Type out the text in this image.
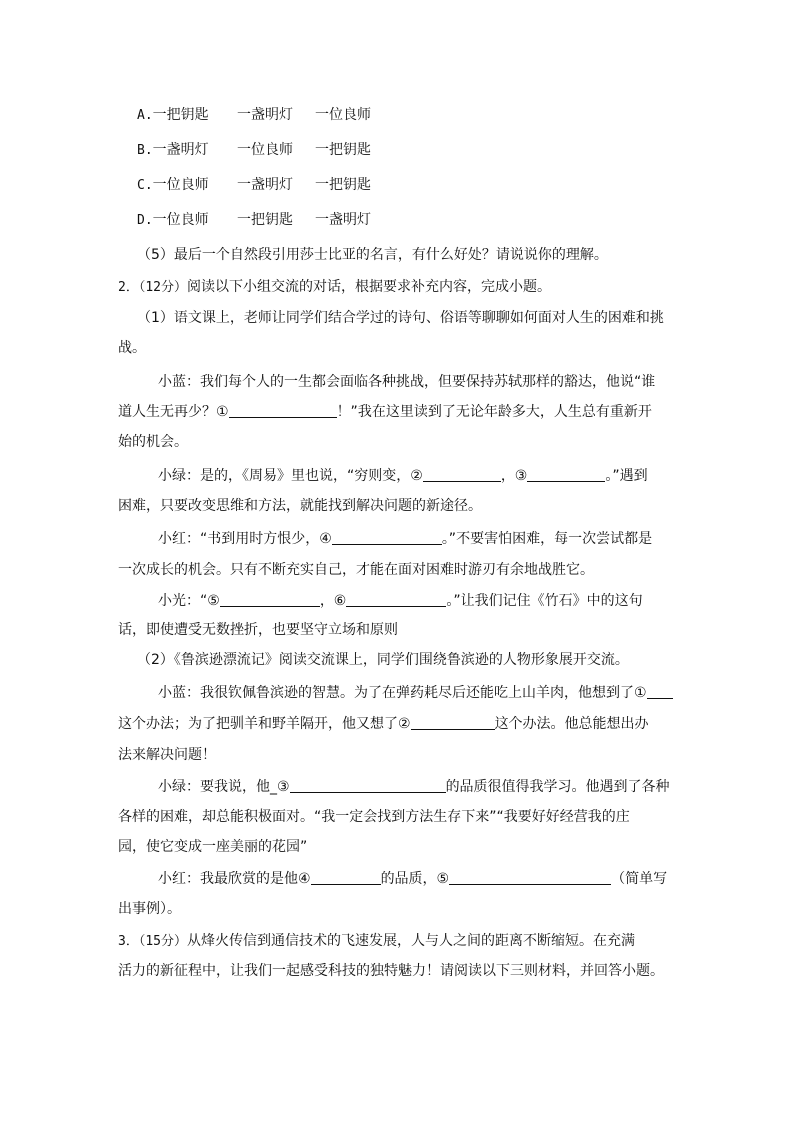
A.一把钥匙 一盏明灯 一位良师
B.一盏明灯 一位良师 一把钥匙
C.一位良师 一盏明灯 一把钥匙
D.一位良师 一把钥匙 一盏明灯
（5）最后一个自然段引用莎士比亚的名言，有什么好处？请说说你的理解。
2．（12分）阅读以下小组交流的对话，根据要求补充内容，完成小题。
（1）语文课上，老师让同学们结合学过的诗句、俗语等聊聊如何面对人生的困难和挑
战。
小蓝：我们每个人的一生都会面临各种挑战，但要保持苏轼那样的豁达，他说“谁
道人生无再少？①	！”我在这里读到了无论年龄多大，人生总有重新开
始的机会。
小绿：是的，《周易》里也说，“穷则变，②	，③	。”遇到
困难，只要改变思维和方法，就能找到解决问题的新途径。
小红：“书到用时方恨少，④	。”不要害怕困难，每一次尝试都是
一次成长的机会。只有不断充实自己，才能在面对困难时游刃有余地战胜它。
小光：“⑤	，⑥	。”让我们记住《竹石》中的这句
话，即使遭受无数挫折，也要坚守立场和原则
（2）《鲁滨逊漂流记》阅读交流课上，同学们围绕鲁滨逊的人物形象展开交流。
小蓝：我很钦佩鲁滨逊的智慧。为了在弹药耗尽后还能吃上山羊肉，他想到了①
这个办法；为了把驯羊和野羊隔开，他又想了②	这个办法。他总能想出办
法来解决问题！
小绿：要我说，他_③	的品质很值得我学习。他遇到了各种
各样的困难，却总能积极面对。“我一定会找到方法生存下来”“我要好好经营我的庄
园，使它变成一座美丽的花园”
小红：我最欣赏的是他④	的品质，⑤	（简单写
出事例）。
3．（15分）从烽火传信到通信技术的飞速发展，人与人之间的距离不断缩短。在充满
活力的新征程中，让我们一起感受科技的独特魅力！请阅读以下三则材料，并回答小题。
